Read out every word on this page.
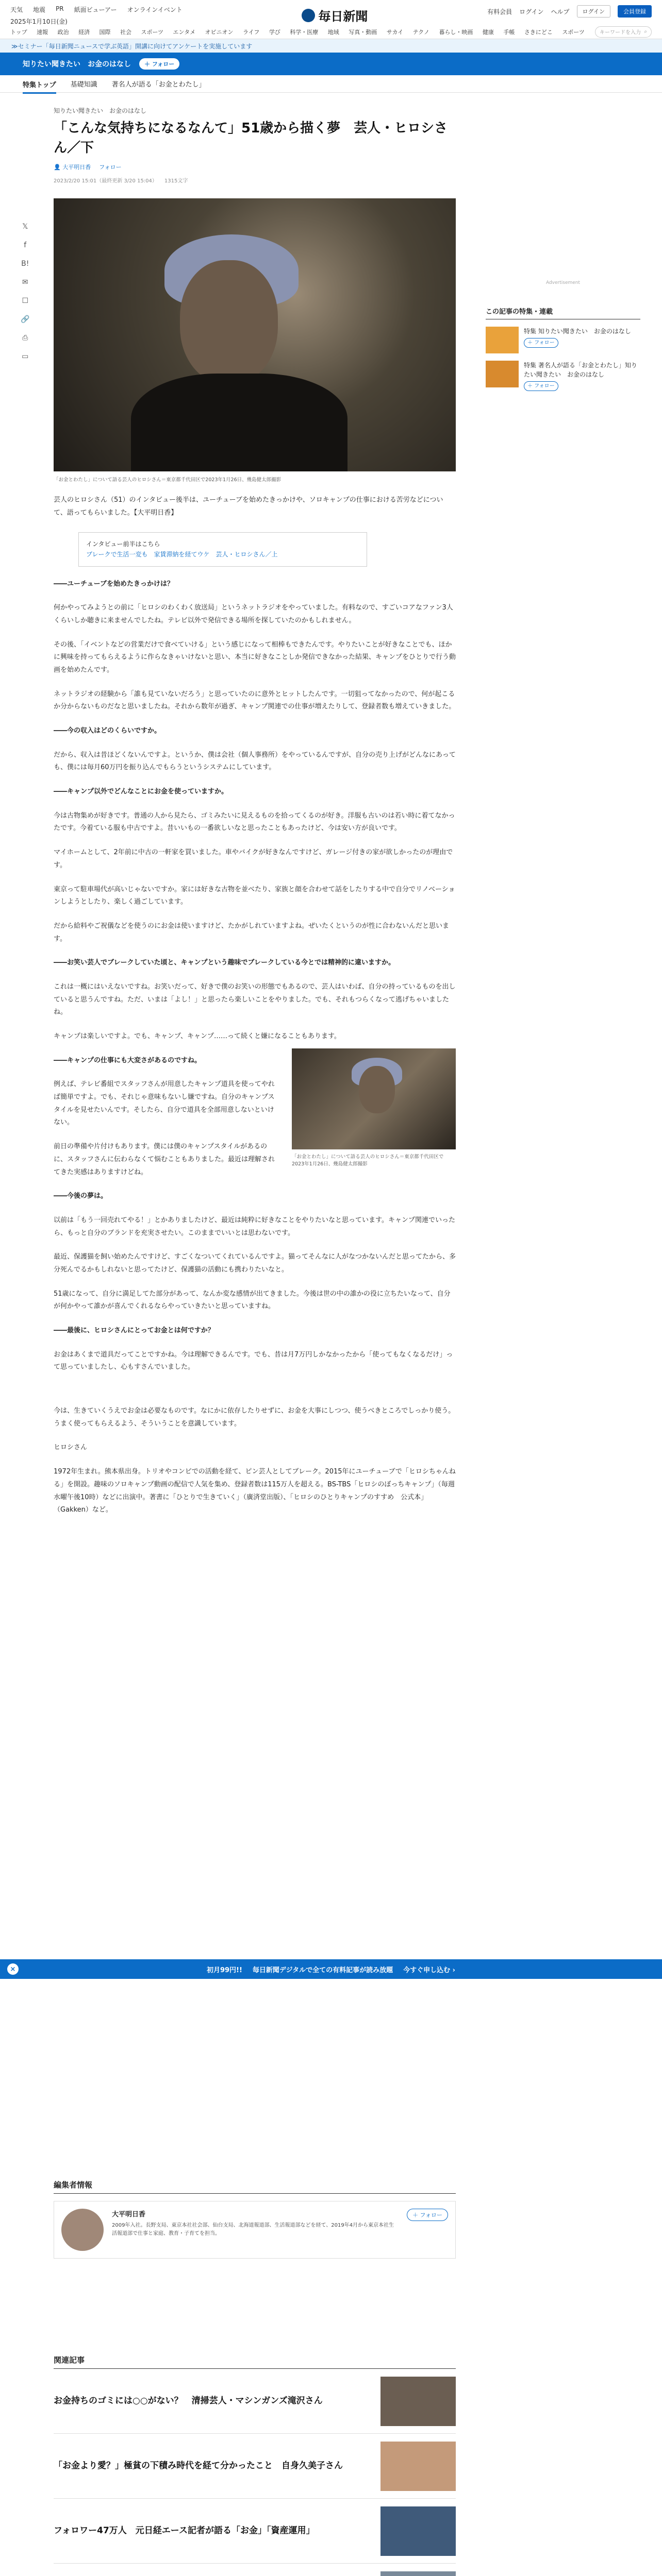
天気 地震 PR 紙面ビューアー オンラインイベント
2025年1月10日(金)	毎日新聞	有料会員 ログイン ヘルプ	ログイン	会員登録
トップ 速報 政治 経済 国際 社会 スポーツ エンタメ オピニオン ライフ 学び 科学・医療 地域 写真・動画 サカイ テクノ 暮らし・映画 健康 手帳 さきにどこ スポーツ	キーワードを入力 ⌕
≫セミナー「毎日新聞ニュースで学ぶ英語」開講に向けてアンケートを実施しています
知りたい聞きたい　お金のはなし	＋ フォロー
特集トップ 基礎知識 著名人が語る「お金とわたし」
𝕏
f
B!
✉
☐
🔗
⎙
▭
知りたい聞きたい　お金のはなし
「こんな気持ちになるなんて」51歳から描く夢　芸人・ヒロシさん／下
👤 大平明日香 フォロー
2023/2/20 15:01（最終更新 3/20 15:04） 1315文字
「お金とわたし」について語る芸人のヒロシさん＝東京都千代田区で2023年1月26日、幾島健太郎撮影

芸人のヒロシさん（51）のインタビュー後半は、ユーチューブを始めたきっかけや、ソロキャンプの仕事における苦労などについて、語ってもらいました。【大平明日香】

インタビュー前半はこちら
ブレークで生活一変も　家賃滞納を経てウケ　芸人・ヒロシさん／上

――ユーチューブを始めたきっかけは？

何かやってみようとの前に「ヒロシのわくわく放送局」というネットラジオをやっていました。有料なので、すごいコアなファン3人くらいしか聴きに来ませんでしたね。テレビ以外で発信できる場所を探していたのかもしれません。

その後、「イベントなどの営業だけで食べていける」という感じになって相棒もできたんです。やりたいことが好きなことでも、ほかに興味を持ってもらえるように作らなきゃいけないと思い、本当に好きなことしか発信できなかった結果、キャンプをひとりで行う動画を始めたんです。

ネットラジオの経験から「誰も見ていないだろう」と思っていたのに意外とヒットしたんです。一切狙ってなかったので、何が起こるか分からないものだなと思いましたね。それから数年が過ぎ、キャンプ関連での仕事が増えたりして、登録者数も増えていきました。

――今の収入はどのくらいですか。

だから、収入は昔ほどくないんですよ。というか、僕は会社（個人事務所）をやっているんですが、自分の売り上げがどんなにあっても、僕には毎月60万円を振り込んでもらうというシステムにしています。

――キャンプ以外でどんなことにお金を使っていますか。

今は古物集めが好きです。普通の人から見たら、ゴミみたいに見えるものを拾ってくるのが好き。洋服も古いのは若い時に着てなかったです。今着ている服も中古ですよ。昔いいもの一番欲しいなと思ったこともあったけど、今は安い方が良いです。

マイホームとして、2年前に中古の一軒家を買いました。車やバイクが好きなんですけど、ガレージ付きの家が欲しかったのが理由です。

東京って駐車場代が高いじゃないですか。家には好きな古物を並べたり、家族と顔を合わせて話をしたりする中で自分でリノベーションしようとしたり、楽しく過ごしています。

だから給料やご祝儀などを使うのにお金は使いますけど、たかがしれていますよね。ぜいたくというのが性に合わないんだと思います。

――お笑い芸人でブレークしていた頃と、キャンプという趣味でブレークしている今とでは精神的に違いますか。

これは一概にはいえないですね。お笑いだって、好きで僕のお笑いの形態でもあるので、芸人はいわば、自分の持っているものを出していると思うんですね。ただ、いまは「よし！」と思ったら楽しいことをやりました。でも、それもつらくなって逃げちゃいましたね。

キャンプは楽しいですよ。でも、キャンプ、キャンプ……って続くと嫌になることもあります。

「お金とわたし」について語る芸人のヒロシさん＝東京都千代田区で2023年1月26日、幾島健太郎撮影

――キャンプの仕事にも大変さがあるのですね。

例えば、テレビ番組でスタッフさんが用意したキャンプ道具を使ってやれば簡単ですよ。でも、それじゃ意味もないし嫌ですね。自分のキャンプスタイルを見せたいんです。そしたら、自分で道具を全部用意しないといけない。

前日の準備や片付けもあります。僕には僕のキャンプスタイルがあるのに、スタッフさんに伝わらなくて悩むこともありました。最近は理解されてきた実感はありますけどね。

――今後の夢は。

以前は「もう一回売れてやる！」とかありましたけど、最近は純粋に好きなことをやりたいなと思っています。キャンプ関連でいったら、もっと自分のブランドを充実させたい。このままでいいとは思わないです。

最近、保護猫を飼い始めたんですけど、すごくなついてくれているんですよ。猫ってそんなに人がなつかないんだと思ってたから、多分死んでるかもしれないと思ってたけど、保護猫の活動にも携わりたいなと。

51歳になって、自分に満足してた部分があって、なんか変な感情が出てきました。今後は世の中の誰かの役に立ちたいなって、自分が何かやって誰かが喜んでくれるならやっていきたいと思っていますね。

――最後に、ヒロシさんにとってお金とは何ですか？

お金はあくまで道具だってことですかね。今は理解できるんです。でも、昔は月7万円しかなかったから「使ってもなくなるだけ」って思っていましたし、心もすさんでいました。

今は、生きていくうえでお金は必要なものです。なにかに依存したりせずに、お金を大事にしつつ、使うべきところでしっかり使う。うまく使ってもらえるよう、そういうことを意識しています。

ヒロシさん

1972年生まれ。熊本県出身。トリオやコンビでの活動を経て、ピン芸人としてブレーク。2015年にユーチューブで「ヒロシちゃんねる」を開設。趣味のソロキャンプ動画の配信で人気を集め、登録者数は115万人を超える。BS-TBS「ヒロシのぼっちキャンプ」（毎週水曜午後10時）などに出演中。著書に「ひとりで生きていく」（廣済堂出版）、「ヒロシのひとりキャンプのすすめ　公式本」（Gakken）など。

Advertisement
この記事の特集・連載
特集 知りたい聞きたい　お金のはなし
＋ フォロー
特集 著名人が語る「お金とわたし」知りたい聞きたい　お金のはなし
＋ フォロー
×	初月99円!! 毎日新聞デジタルで全ての有料記事が読み放題 今すぐ申し込む ›
編集者情報
大平明日香
2009年入社。長野支局、東京本社社会部、仙台支局、北海道報道部、生活報道部などを経て、2019年4月から東京本社生活報道部で仕事と家庭、教育・子育てを担当。
＋ フォロー
関連記事
お金持ちのゴミには○○がない？　清掃芸人・マシンガンズ滝沢さん
「お金より愛？」極貧の下積み時代を経て分かったこと　自身久美子さん
フォロワー47万人　元日経エース記者が語る「お金」「資産運用」
